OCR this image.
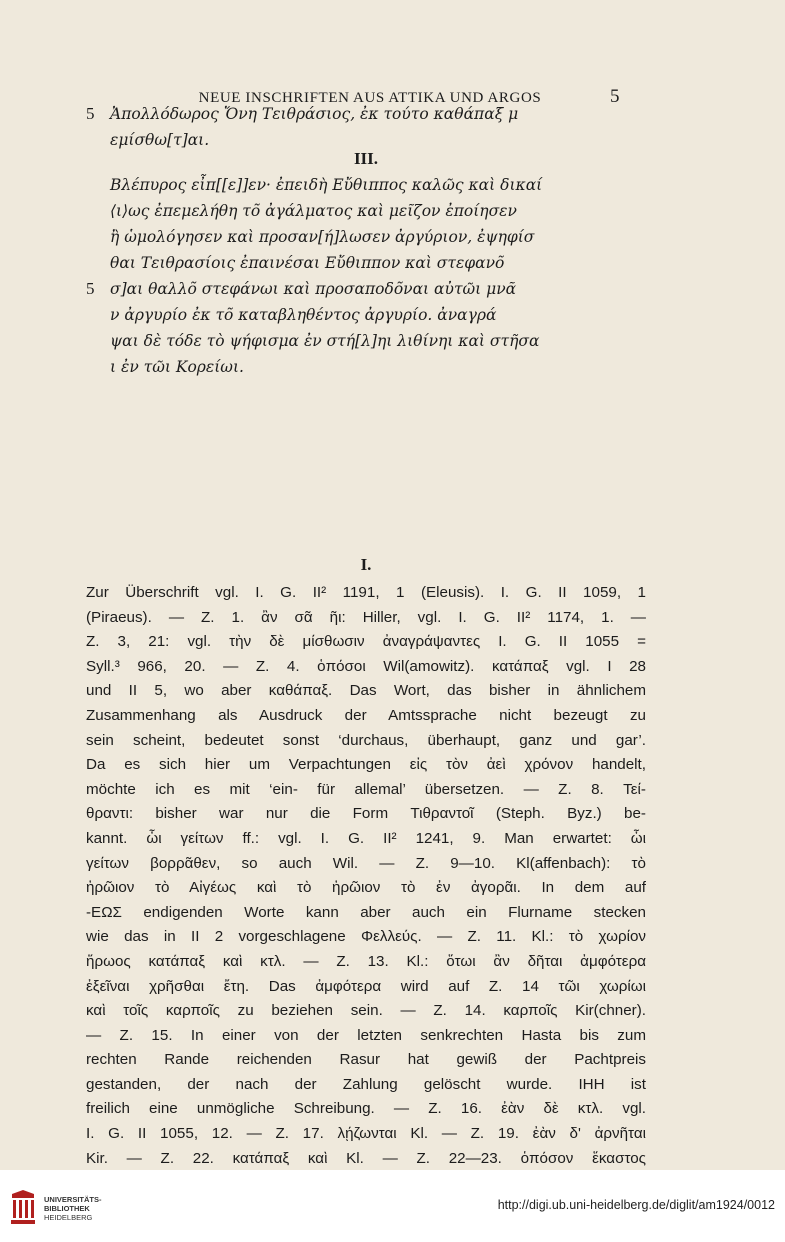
NEUE INSCHRIFTEN AUS ATTIKA UND ARGOS	5
5 Ἀπολλόδωρος Ὄνη Τειθράσιος, ἐκ τούτο καθάπαξ μ
εμίσθω[τ]αι.
III.
Βλέπυρος εἶπ[[ε]]εν· ἐπειδὴ Εὔθιππος καλῶς καὶ δικαί
⟨ι⟩ως ἐπεμελήθη τõ ἀγάλματος καὶ μεῖζον ἐποίησεν
ἢ ὡμολόγησεν καὶ προσαν[ή]λωσεν ἀργύριον, ἐψηφίσ
θαι Τειθρασίοις ἐπαινέσαι Εὔθιππον καὶ στεφανõ
5 σ]αι θαλλõ στεφάνωι καὶ προσαποδõναι αὐτῶι μνᾶ
ν ἀργυρίο ἐκ τõ καταβληθέντος ἀργυρίο. ἀναγρά
ψαι δὲ τόδε τὸ ψήφισμα ἐν στή[λ]ηι λιθίνηι καὶ στῆσα
ι ἐν τῶι Κορείωι.
I.
Zur Überschrift vgl. I. G. II² 1191, 1 (Eleusis). I. G. II 1059, 1
(Piraeus). — Z. 1. ἂν σᾶ ῆι: Hiller, vgl. I. G. II² 1174, 1. —
Z. 3, 21: vgl. τὴν δὲ μίσθωσιν ἀναγράψαντες I. G. II 1055 =
Syll.³ 966, 20. — Z. 4. ὁπόσοι Wil(amowitz). κατάπαξ vgl. I 28
und II 5, wo aber καθάπαξ. Das Wort, das bisher in ähnlichem
Zusammenhang als Ausdruck der Amtssprache nicht bezeugt zu
sein scheint, bedeutet sonst ‘durchaus, überhaupt, ganz und gar’.
Da es sich hier um Verpachtungen εἰς τὸν ἀεὶ χρόνον handelt,
möchte ich es mit ‘ein- für allemal’ übersetzen. — Z. 8. Τεί-
θραντι: bisher war nur die Form Τιθραντοῖ (Steph. Byz.) be-
kannt. ὧι γείτων ff.: vgl. I. G. II² 1241, 9. Man erwartet: ὧι
γείτων βορρᾶθεν, so auch Wil. — Z. 9—10. Kl(affenbach): τὸ
ἡρῶιον τὸ Αἰγέως καὶ τὸ ἡρῶιον τὸ ἐν ἀγορᾶι. In dem auf
-ΕΩΣ endigenden Worte kann aber auch ein Flurname stecken
wie das in II 2 vorgeschlagene Φελλεύς. — Z. 11. Kl.: τὸ χωρίον
ἥρωος κατάπαξ καὶ κτλ. — Z. 13. Kl.: ὅτωι ἂν δῆται ἀμφότερα
ἐξεῖναι χρῆσθαι ἔτη. Das ἀμφότερα wird auf Z. 14 τῶι χωρίωι
καὶ τοῖς καρποῖς zu beziehen sein. — Z. 14. καρποῖς Kir(chner).
— Z. 15. In einer von der letzten senkrechten Hasta bis zum
rechten Rande reichenden Rasur hat gewiß der Pachtpreis
gestanden, der nach der Zahlung gelöscht wurde. ΙΗΗ ist
freilich eine unmögliche Schreibung. — Z. 16. ἐὰν δὲ κτλ. vgl.
I. G. II 1055, 12. — Z. 17. λῄζωνται Kl. — Z. 19. ἐὰν δ' ἀρνῆται
Kir. — Z. 22. κατάπαξ καὶ Kl. — Z. 22—23. ὁπόσον ἕκαστος
UNIVERSITÄTS-
BIBLIOTHEK
HEIDELBERG
http://digi.ub.uni-heidelberg.de/diglit/am1924/0012
